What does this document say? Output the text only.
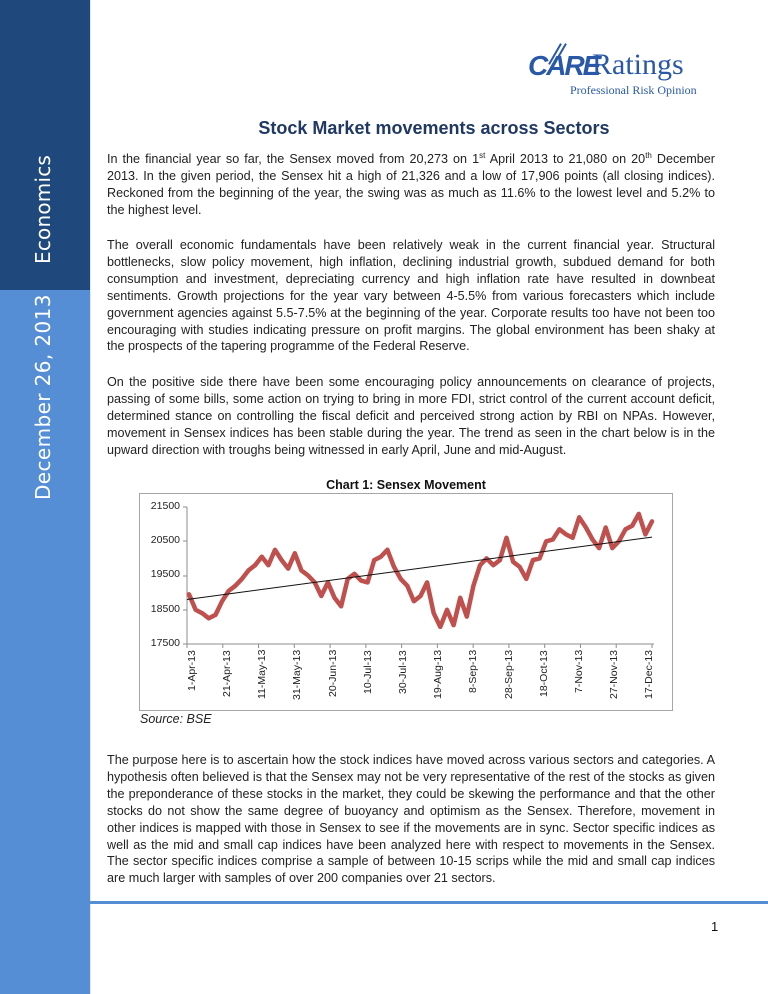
Economics
December 26, 2013
CARE
Ratings
Professional Risk Opinion
Stock Market movements across Sectors
In the financial year so far, the Sensex moved from 20,273 on 1st April 2013 to 21,080 on 20th December 2013. In the given period, the Sensex hit a high of 21,326 and a low of 17,906 points (all closing indices). Reckoned from the beginning of the year, the swing was as much as 11.6% to the lowest level and 5.2% to the highest level.
The overall economic fundamentals have been relatively weak in the current financial year. Structural bottlenecks, slow policy movement, high inflation, declining industrial growth, subdued demand for both consumption and investment, depreciating currency and high inflation rate have resulted in downbeat sentiments. Growth projections for the year vary between 4-5.5% from various forecasters which include government agencies against 5.5-7.5% at the beginning of the year. Corporate results too have not been too encouraging with studies indicating pressure on profit margins. The global environment has been shaky at the prospects of the tapering programme of the Federal Reserve.
On the positive side there have been some encouraging policy announcements on clearance of projects, passing of some bills, some action on trying to bring in more FDI, strict control of the current account deficit, determined stance on controlling the fiscal deficit and perceived strong action by RBI on NPAs. However, movement in Sensex indices has been stable during the year. The trend as seen in the chart below is in the upward direction with troughs being witnessed in early April, June and mid-August.
Chart 1: Sensex Movement
21500
20500
19500
18500
17500
1-Apr-13 21-Apr-13 11-May-13 31-May-13 20-Jun-13 10-Jul-13 30-Jul-13 19-Aug-13 8-Sep-13 28-Sep-13 18-Oct-13 7-Nov-13 27-Nov-13 17-Dec-13
Source: BSE
The purpose here is to ascertain how the stock indices have moved across various sectors and categories. A hypothesis often believed is that the Sensex may not be very representative of the rest of the stocks as given the preponderance of these stocks in the market, they could be skewing the performance and that the other stocks do not show the same degree of buoyancy and optimism as the Sensex. Therefore, movement in other indices is mapped with those in Sensex to see if the movements are in sync. Sector specific indices as well as the mid and small cap indices have been analyzed here with respect to movements in the Sensex. The sector specific indices comprise a sample of between 10-15 scrips while the mid and small cap indices are much larger with samples of over 200 companies over 21 sectors.
1
